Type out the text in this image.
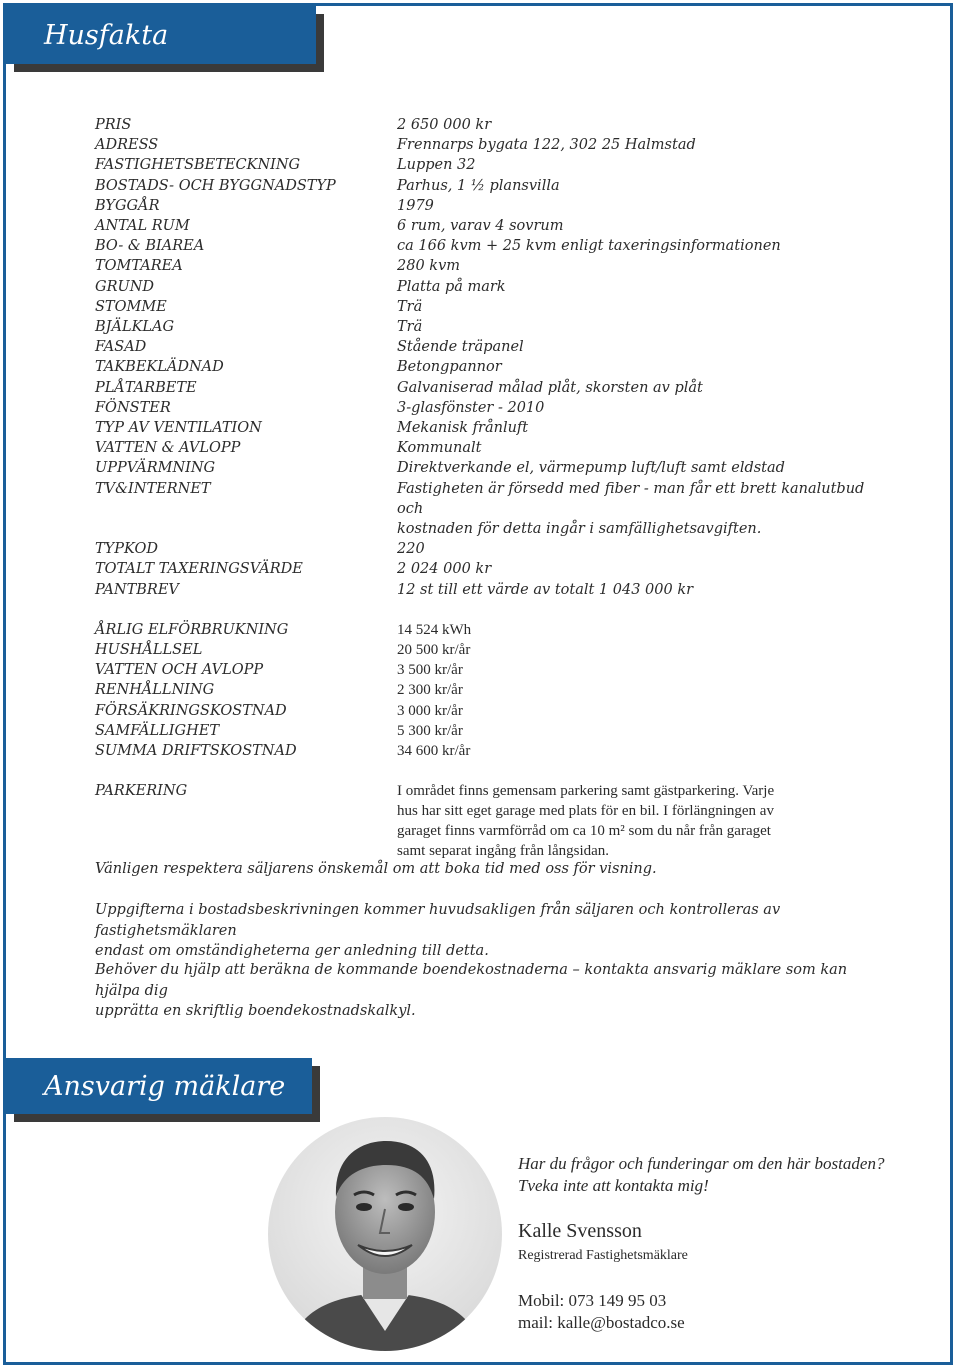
Husfakta
PRIS	2 650 000 kr
ADRESS	Frennarps bygata 122, 302 25 Halmstad
FASTIGHETSBETECKNING	Luppen 32
BOSTADS- OCH BYGGNADSTYP	Parhus, 1 ½ plansvilla
BYGGÅR	1979
ANTAL RUM	6 rum, varav 4 sovrum
BO- & BIAREA	ca 166 kvm + 25 kvm enligt taxeringsinformationen
TOMTAREA	280 kvm
GRUND	Platta på mark
STOMME	Trä
BJÄLKLAG	Trä
FASAD	Stående träpanel
TAKBEKLÄDNAD	Betongpannor
PLÅTARBETE	Galvaniserad målad plåt, skorsten av plåt
FÖNSTER	3-glasfönster - 2010
TYP AV VENTILATION	Mekanisk frånluft
VATTEN & AVLOPP	Kommunalt
UPPVÄRMNING	Direktverkande el, värmepump luft/luft samt eldstad
TV&INTERNET	Fastigheten är försedd med fiber - man får ett brett kanalutbud och
kostnaden för detta ingår i samfällighetsavgiften.
TYPKOD	220
TOTALT TAXERINGSVÄRDE	2 024 000 kr
PANTBREV	12 st till ett värde av totalt 1 043 000 kr
ÅRLIG ELFÖRBRUKNING	14 524 kWh
HUSHÅLLSEL	20 500 kr/år
VATTEN OCH AVLOPP	3 500 kr/år
RENHÅLLNING	2 300 kr/år
FÖRSÄKRINGSKOSTNAD	3 000 kr/år
SAMFÄLLIGHET	5 300 kr/år
SUMMA DRIFTSKOSTNAD	34 600 kr/år
PARKERING	I området finns gemensam parkering samt gästparkering. Varje
hus har sitt eget garage med plats för en bil. I förlängningen av
garaget finns varmförråd om ca 10 m² som du når från garaget
samt separat ingång från långsidan.
Vänligen respektera säljarens önskemål om att boka tid med oss för visning.
Uppgifterna i bostadsbeskrivningen kommer huvudsakligen från säljaren och kontrolleras av fastighetsmäklaren
endast om omständigheterna ger anledning till detta.
Behöver du hjälp att beräkna de kommande boendekostnaderna – kontakta ansvarig mäklare som kan hjälpa dig
upprätta en skriftlig boendekostnadskalkyl.
Ansvarig mäklare
Har du frågor och funderingar om den här bostaden?
Tveka inte att kontakta mig!
Kalle Svensson
Registrerad Fastighetsmäklare
Mobil: 073 149 95 03
mail: kalle@bostadco.se
